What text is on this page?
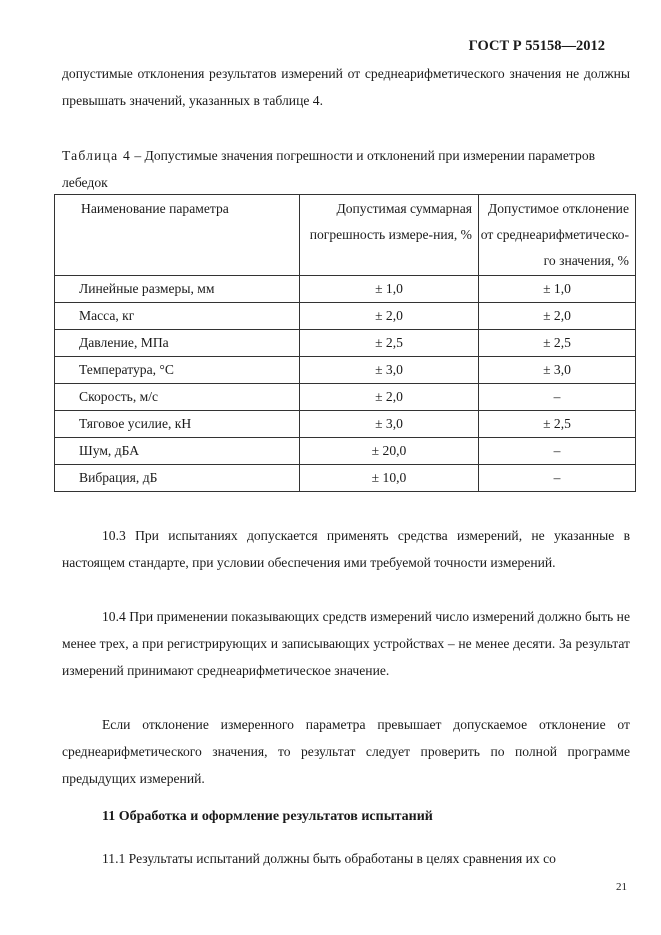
ГОСТ Р 55158—2012

допустимые отклонения результатов измерений от среднеарифметического значения не должны превышать значений, указанных в таблице 4.

Таблица 4 – Допустимые значения погрешности и отклонений при измерении параметров лебедок

Наименование параметра	Допустимая суммарная погрешность измере-ния, %	Допустимое отклонение от среднеарифметическо-го значения, %
Линейные размеры, мм	± 1,0	± 1,0
Масса, кг	± 2,0	± 2,0
Давление, МПа	± 2,5	± 2,5
Температура, °С	± 3,0	± 3,0
Скорость, м/с	± 2,0	–
Тяговое усилие, кН	± 3,0	± 2,5
Шум, дБА	± 20,0	–
Вибрация, дБ	± 10,0	–

10.3 При испытаниях допускается применять средства измерений, не указанные в настоящем стандарте, при условии обеспечения ими требуемой точности измерений.

10.4 При применении показывающих средств измерений число измерений должно быть не менее трех, а при регистрирующих и записывающих устройствах – не менее десяти. За результат измерений принимают среднеарифметическое значение.

Если отклонение измеренного параметра превышает допускаемое отклонение от среднеарифметического значения, то результат следует проверить по полной программе предыдущих измерений.

11 Обработка и оформление результатов испытаний

11.1 Результаты испытаний должны быть обработаны в целях сравнения их со

21
